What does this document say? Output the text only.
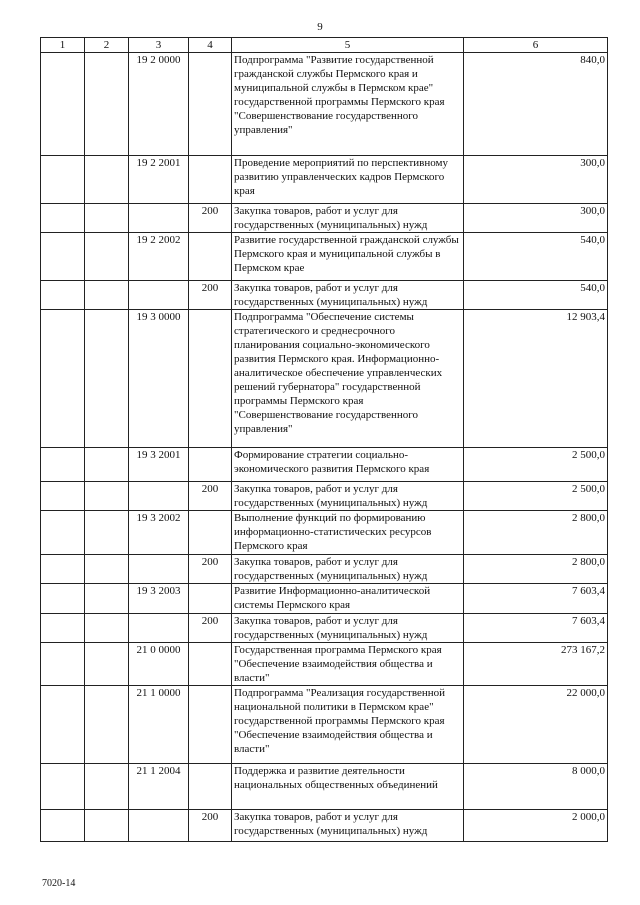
9
1	2	3	4	5	6
		19 2 0000		Подпрограмма "Развитие государственной гражданской службы Пермского края и муниципальной службы в Пермском крае" государственной программы Пермского края "Совершенствование государственного управления"	840,0
		19 2 2001		Проведение мероприятий по перспективному развитию управленческих кадров Пермского края	300,0
			200	Закупка товаров, работ и услуг для государственных (муниципальных) нужд	300,0
		19 2 2002		Развитие государственной гражданской службы Пермского края и муниципальной службы в Пермском крае	540,0
			200	Закупка товаров, работ и услуг для государственных (муниципальных) нужд	540,0
		19 3 0000		Подпрограмма "Обеспечение системы стратегического и среднесрочного планирования социально-экономического развития Пермского края. Информационно-аналитическое обеспечение управленческих решений губернатора" государственной программы Пермского края "Совершенствование государственного управления"	12 903,4
		19 3 2001		Формирование стратегии социально-экономического развития Пермского края	2 500,0
			200	Закупка товаров, работ и услуг для государственных (муниципальных) нужд	2 500,0
		19 3 2002		Выполнение функций по формированию информационно-статистических ресурсов Пермского края	2 800,0
			200	Закупка товаров, работ и услуг для государственных (муниципальных) нужд	2 800,0
		19 3 2003		Развитие Информационно-аналитической системы Пермского края	7 603,4
			200	Закупка товаров, работ и услуг для государственных (муниципальных) нужд	7 603,4
		21 0 0000		Государственная программа Пермского края "Обеспечение взаимодействия общества и власти"	273 167,2
		21 1 0000		Подпрограмма "Реализация государственной национальной политики в Пермском крае" государственной программы Пермского края "Обеспечение взаимодействия общества и власти"	22 000,0
		21 1 2004		Поддержка и развитие деятельности национальных общественных объединений	8 000,0
			200	Закупка товаров, работ и услуг для государственных (муниципальных) нужд	2 000,0
7020-14
